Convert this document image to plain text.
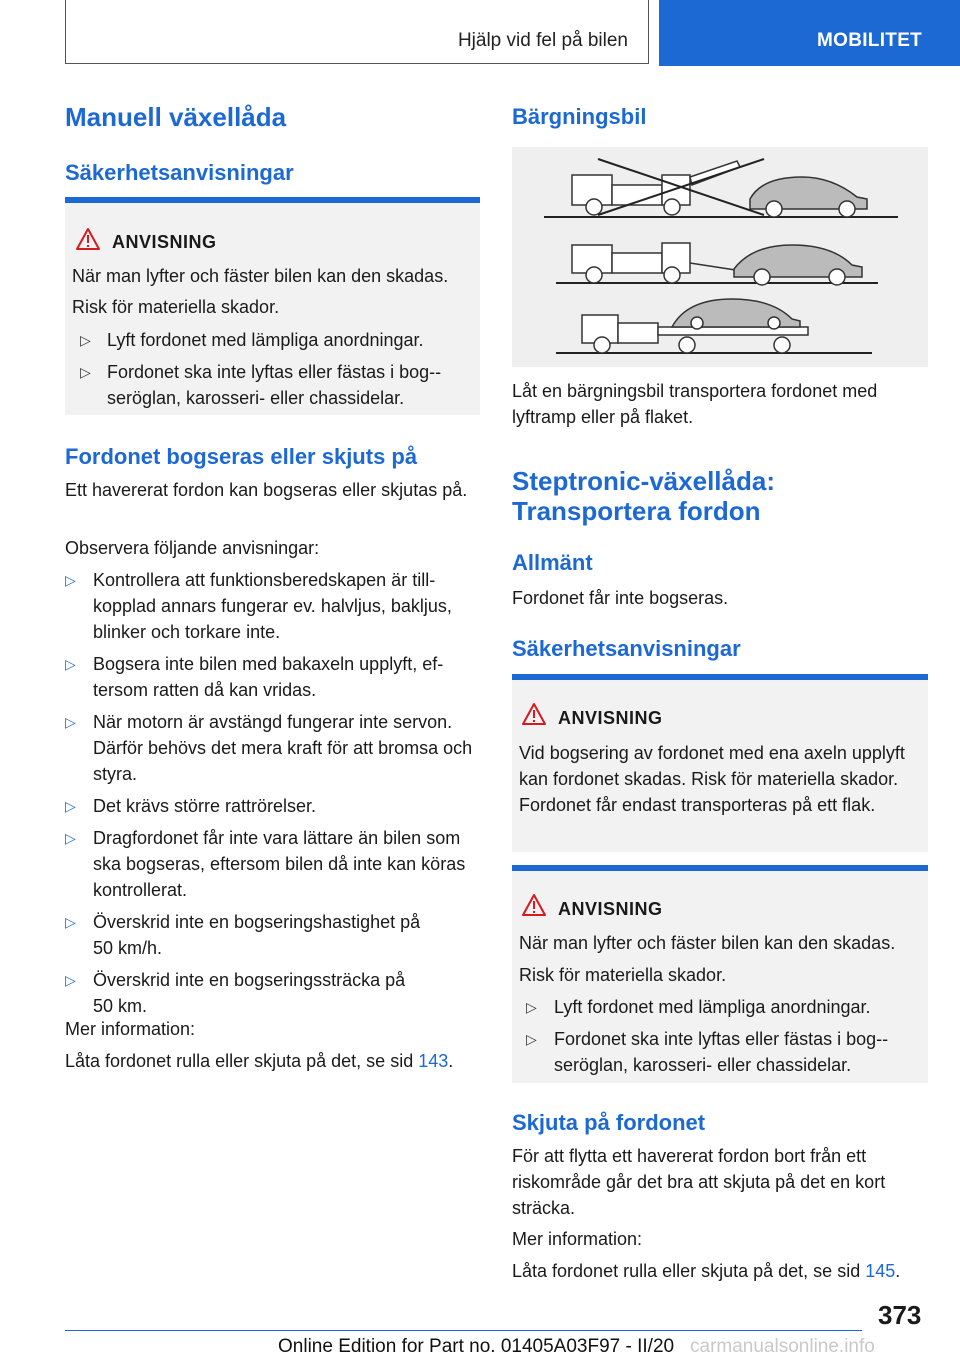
Hjälp vid fel på bilen	MOBILITET
Manuell växellåda
Säkerhetsanvisningar
ANVISNING

När man lyfter och fäster bilen kan den skadas.

Risk för materiella skador.

▷ Lyft fordonet med lämpliga anordningar.
▷ Fordonet ska inte lyftas eller fästas i bog-seröglan, karosseri- eller chassidelar.
Fordonet bogseras eller skjuts på

Ett havererat fordon kan bogseras eller skjutas på.

Observera följande anvisningar:

▷ Kontrollera att funktionsberedskapen är tillkopplad annars fungerar ev. halvljus, bakljus, blinker och torkare inte.
▷ Bogsera inte bilen med bakaxeln upplyft, eftersom ratten då kan vridas.
▷ När motorn är avstängd fungerar inte servon. Därför behövs det mera kraft för att bromsa och styra.
▷ Det krävs större rattrörelser.
▷ Dragfordonet får inte vara lättare än bilen som ska bogseras, eftersom bilen då inte kan köras kontrollerat.
▷ Överskrid inte en bogseringshastighet på 50 km/h.
▷ Överskrid inte en bogseringssträcka på 50 km.

Mer information:

Låta fordonet rulla eller skjuta på det, se sid 143.

Bärgningsbil

Låt en bärgningsbil transportera fordonet med lyftramp eller på flaket.

Steptronic-växellåda: Transportera fordon
Allmänt

Fordonet får inte bogseras.

Säkerhetsanvisningar
ANVISNING

Vid bogsering av fordonet med ena axeln upplyft kan fordonet skadas. Risk för materiella skador. Fordonet får endast transporteras på ett flak.

ANVISNING

När man lyfter och fäster bilen kan den skadas.

Risk för materiella skador.

▷ Lyft fordonet med lämpliga anordningar.
▷ Fordonet ska inte lyftas eller fästas i bog-seröglan, karosseri- eller chassidelar.
Skjuta på fordonet

För att flytta ett havererat fordon bort från ett riskområde går det bra att skjuta på det en kort sträcka.

Mer information:

Låta fordonet rulla eller skjuta på det, se sid 145.

373
Online Edition for Part no. 01405A03F97 - II/20 carmanualsonline.info
